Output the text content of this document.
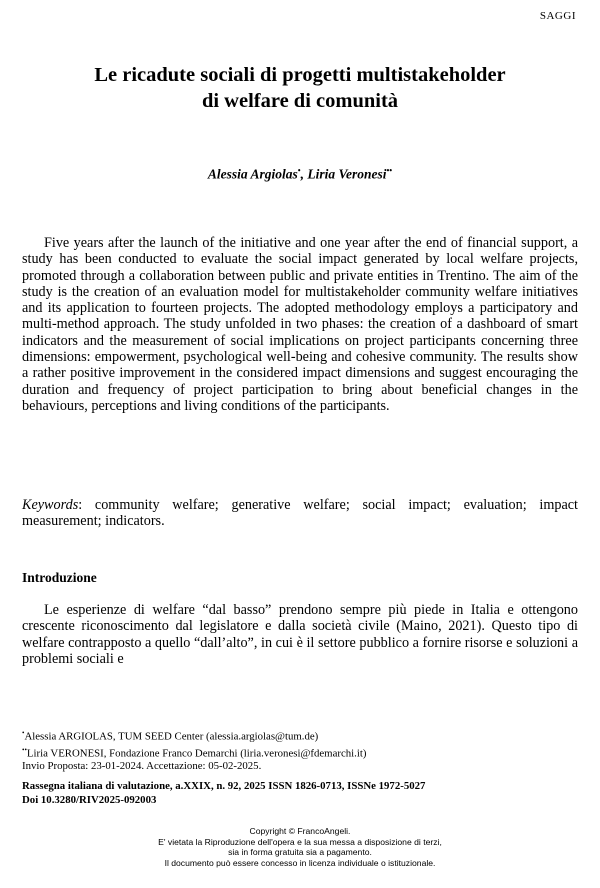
SAGGI
Le ricadute sociali di progetti multistakeholder
di welfare di comunità
Alessia Argiolas•, Liria Veronesi••

Five years after the launch of the initiative and one year after the end of financial support, a study has been conducted to evaluate the social impact generated by local welfare projects, promoted through a collaboration between public and private entities in Trentino. The aim of the study is the creation of an evaluation model for multistakeholder community welfare initiatives and its application to fourteen projects. The adopted methodology employs a participatory and multi-method approach. The study unfolded in two phases: the creation of a dashboard of smart indicators and the measurement of social implications on project participants concerning three dimensions: empowerment, psychological well-being and cohesive community. The results show a rather positive improvement in the considered impact dimensions and suggest encouraging the duration and frequency of project participation to bring about beneficial changes in the behaviours, perceptions and living conditions of the participants.

Keywords: community welfare; generative welfare; social impact; evaluation; impact measurement; indicators.

Introduzione

Le esperienze di welfare “dal basso” prendono sempre più piede in Italia e ottengono crescente riconoscimento dal legislatore e dalla società civile (Maino, 2021). Questo tipo di welfare contrapposto a quello “dall’alto”, in cui è il settore pubblico a fornire risorse e soluzioni a problemi sociali e

•Alessia ARGIOLAS, TUM SEED Center (alessia.argiolas@tum.de)
••Liria VERONESI, Fondazione Franco Demarchi (liria.veronesi@fdemarchi.it)
Invio Proposta: 23-01-2024. Accettazione: 05-02-2025.
Rassegna italiana di valutazione, a.XXIX, n. 92, 2025 ISSN 1826-0713, ISSNe 1972-5027
Doi 10.3280/RIV2025-092003
Copyright © FrancoAngeli.
E' vietata la Riproduzione dell'opera e la sua messa a disposizione di terzi,
sia in forma gratuita sia a pagamento.
Il documento può essere concesso in licenza individuale o istituzionale.
